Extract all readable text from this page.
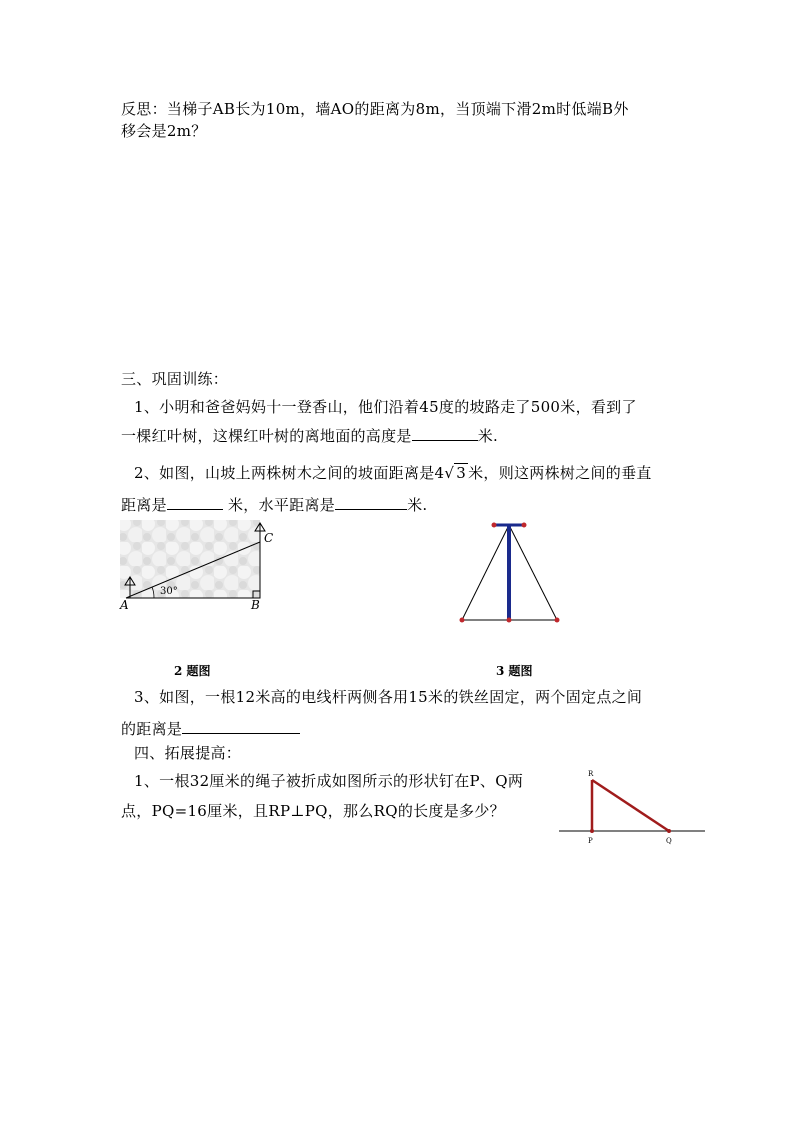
反思：当梯子AB长为10m，墙AO的距离为8m，当顶端下滑2m时低端B外
移会是2m？
三、巩固训练：
1、小明和爸爸妈妈十一登香山，他们沿着45度的坡路走了500米，看到了
一棵红叶树，这棵红叶树的离地面的高度是	米.
2、如图，山坡上两株树木之间的坡面距离是4√ 3 米，则这两株树之间的垂直
距离是	米，水平距离是	米.
30°
A	B
C
2 题图	3 题图
3、如图，一根12米高的电线杆两侧各用15米的铁丝固定，两个固定点之间
的距离是
四、拓展提高：
1、一根32厘米的绳子被折成如图所示的形状钉在P、Q两
点，PQ=16厘米，且RP⊥PQ，那么RQ的长度是多少？
R
P	Q
